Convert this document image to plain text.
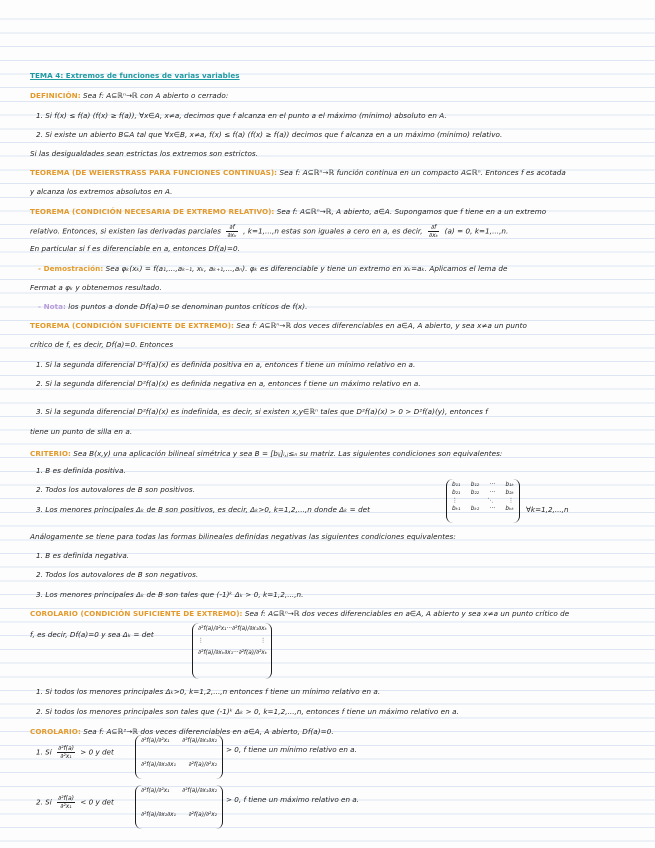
TEMA 4: Extremos de funciones de varias variables
DEFINICIÓN: Sea f: A⊆ℝⁿ→ℝ con A abierto o cerrado:
1. Si f(x) ≤ f(a) (f(x) ≥ f(a)), ∀x∈A, x≠a, decimos que f alcanza en el punto a el máximo (mínimo) absoluto en A.
2. Si existe un abierto B⊆A tal que ∀x∈B, x≠a, f(x) ≤ f(a) (f(x) ≥ f(a)) decimos que f alcanza en a un máximo (mínimo) relativo.
Si las desigualdades sean estrictas los extremos son estrictos.
TEOREMA (DE WEIERSTRASS PARA FUNCIONES CONTINUAS): Sea f: A⊆ℝⁿ→ℝ función continua en un compacto A⊆ℝⁿ. Entonces f es acotada
y alcanza los extremos absolutos en A.
TEOREMA (CONDICIÓN NECESARIA DE EXTREMO RELATIVO): Sea f: A⊆ℝⁿ→ℝ, A abierto, a∈A. Supongamos que f tiene en a un extremo
relativo. Entonces, si existen las derivadas parciales $\frac{\partial f}{\text{∂xₖ}}$ , k=1,...,n estas son iguales a cero en a, es decir, $\frac{\partial f}{\text{∂xₖ}} (a) = 0$, k=1,...,n.
En particular si f es diferenciable en a, entonces Df(a)=0.
- Demostración: Sea φₖ(xₖ) = f(a₁,...,aₖ₋₁, xₖ, aₖ₊₁,...,aₙ). φₖ es diferenciable y tiene un extremo en xₖ=aₖ. Aplicamos el lema de
Fermat a φₖ y obtenemos resultado.
- Nota: los puntos a donde Df(a)=0 se denominan puntos críticos de f(x).
TEOREMA (CONDICIÓN SUFICIENTE DE EXTREMO): Sea f: A⊆ℝⁿ→ℝ dos veces diferenciables en a∈A, A abierto, y sea x≠a un punto
crítico de f, es decir, Df(a)=0. Entonces
1. Si la segunda diferencial D²f(a)(x) es definida positiva en a, entonces f tiene un mínimo relativo en a.
2. Si la segunda diferencial D²f(a)(x) es definida negativa en a, entonces f tiene un máximo relativo en a.
3. Si la segunda diferencial D²f(a)(x) es indefinida, es decir, si existen x,y∈ℝⁿ tales que D²f(a)(x) > 0 > D²f(a)(y), entonces f
tiene un punto de silla en a.
CRITERIO: Sea B(x,y) una aplicación bilineal simétrica y sea B = [bᵢⱼ]ᵢ,ⱼ≤ₙ su matriz. Las siguientes condiciones son equivalentes:
1. B es definida positiva.
2. Todos los autovalores de B son positivos.
3. Los menores principales Δₖ de B son positivos, es decir, Δₖ>0, k=1,2,...,n donde Δₖ = det
b₁₁ b₁₂ ··· b₁ₖ
b₂₁ b₂₂ ··· b₂ₖ
⋮	⋱	⋮
bₖ₁ bₖ₂ ··· bₖₖ ∀k=1,2,...,n
Análogamente se tiene para todas las formas bilineales definidas negativas las siguientes condiciones equivalentes:
1. B es definida negativa.
2. Todos los autovalores de B son negativos.
3. Los menores principales Δₖ de B son tales que (-1)ᵏ Δₖ > 0, k=1,2,...,n.
COROLARIO (CONDICIÓN SUFICIENTE DE EXTREMO): Sea f: A⊆ℝⁿ→ℝ dos veces diferenciables en a∈A, A abierto y sea x≠a un punto crítico de
f, es decir, Df(a)=0 y sea Δₖ = det
∂²f(a)/∂²x₁ ··· ∂²f(a)/∂x₁∂xₖ
⋮	⋮
∂²f(a)/∂xₖ∂x₁ ··· ∂²f(a)/∂²xₖ
1. Si todos los menores principales Δₖ>0, k=1,2,...,n entonces f tiene un mínimo relativo en a.
2. Si todos los menores principales son tales que (-1)ᵏ Δₖ > 0, k=1,2,...,n, entonces f tiene un máximo relativo en a.
COROLARIO: Sea f: A⊆ℝ²→ℝ dos veces diferenciables en a∈A, A abierto, Df(a)=0.
1. Si $\frac{\text{∂²f(a)}}{\text{∂²x₁}} > 0$ y det
∂²f(a)/∂²x₁ ∂²f(a)/∂x₁∂x₂
∂²f(a)/∂x₂∂x₁ ∂²f(a)/∂²x₂
> 0, f tiene un mínimo relativo en a.
2. Si $\frac{\text{∂²f(a)}}{\text{∂²x₁}} < 0$ y det
∂²f(a)/∂²x₁ ∂²f(a)/∂x₁∂x₂
∂²f(a)/∂x₂∂x₁ ∂²f(a)/∂²x₂
> 0, f tiene un máximo relativo en a.
